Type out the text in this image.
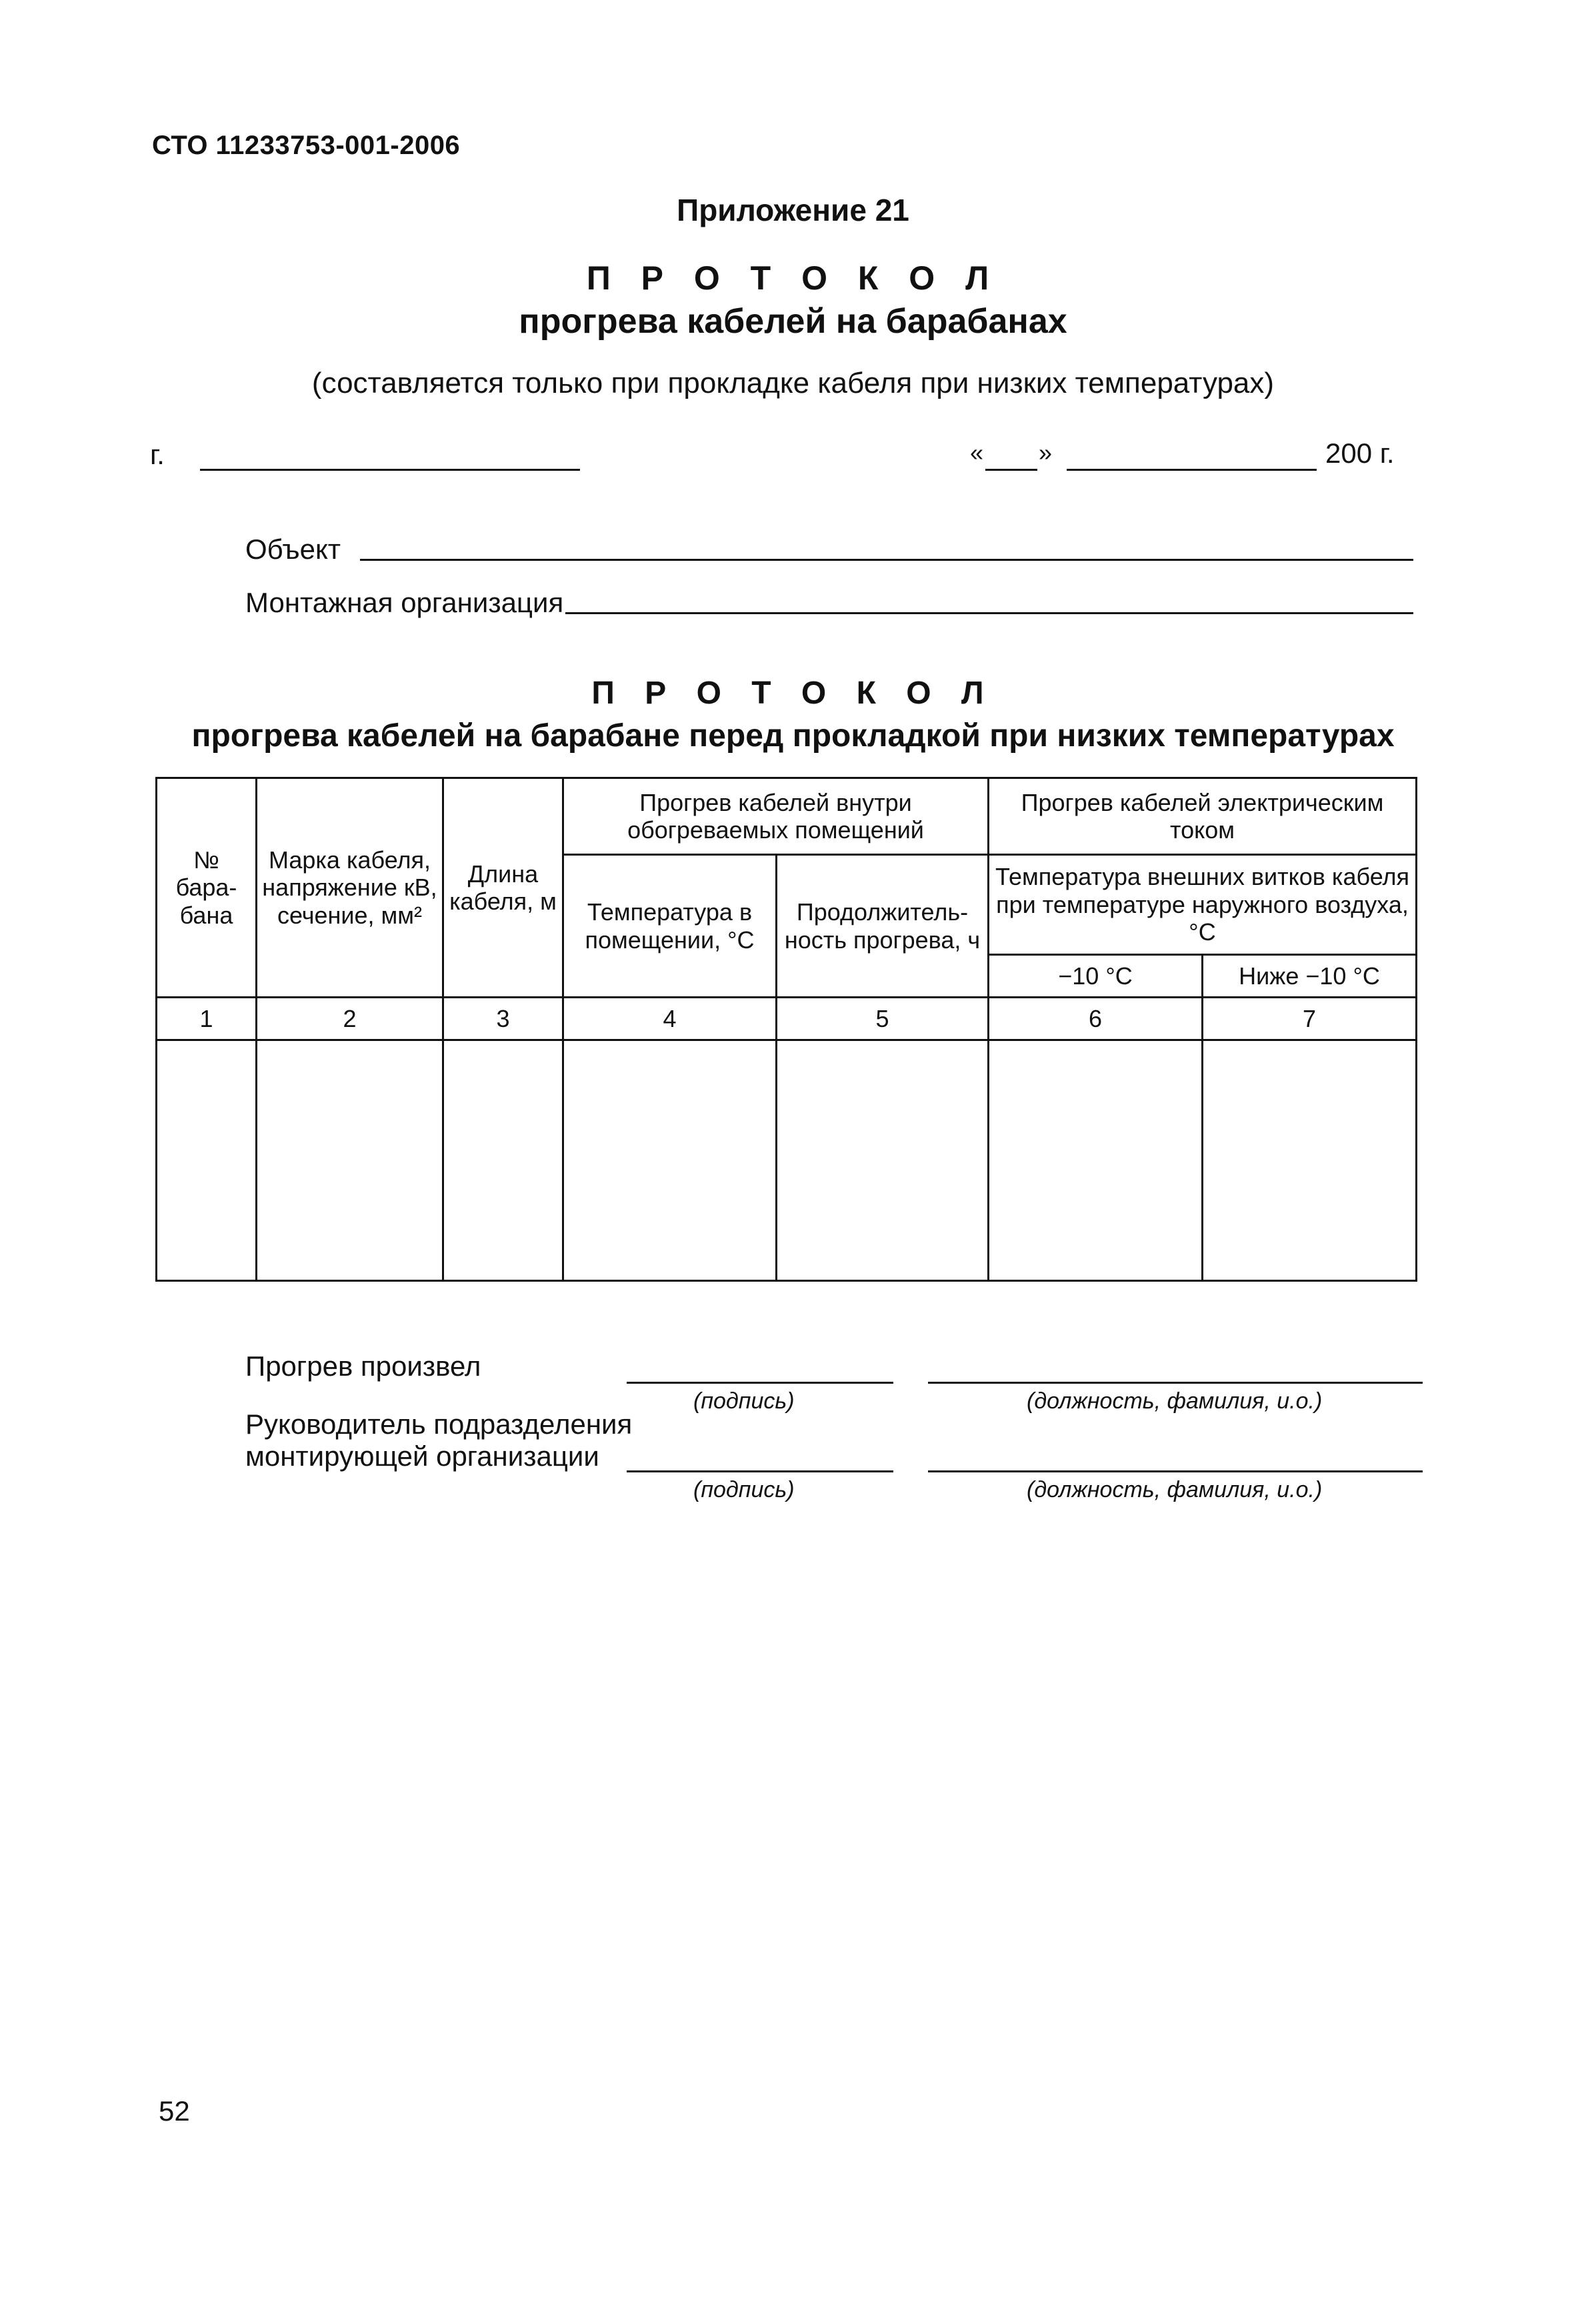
СТО 11233753-001-2006
Приложение 21
П Р О Т О К О Л
прогрева кабелей на барабанах
(составляется только при прокладке кабеля при низких температурах)
г.	« »	200 г.
Объект
Монтажная организация
П Р О Т О К О Л
прогрева кабелей на барабане перед прокладкой при низких температурах
№ бара-бана	Марка кабеля, напряжение кВ, сечение, мм²	Длина кабеля, м	Прогрев кабелей внутри обогреваемых помещений		Прогрев кабелей электрическим током	
			Температура в помещении, °С	Продолжитель-ность прогрева, ч	Температура внешних витков кабеля при температуре наружного воздуха, °С	
					−10 °С	Ниже −10 °С
1	2	3	4	5	6	7

Прогрев произвел
(подпись)	(должность, фамилия, и.о.)
Руководитель подразделения
монтирующей организации
(подпись)	(должность, фамилия, и.о.)
52
